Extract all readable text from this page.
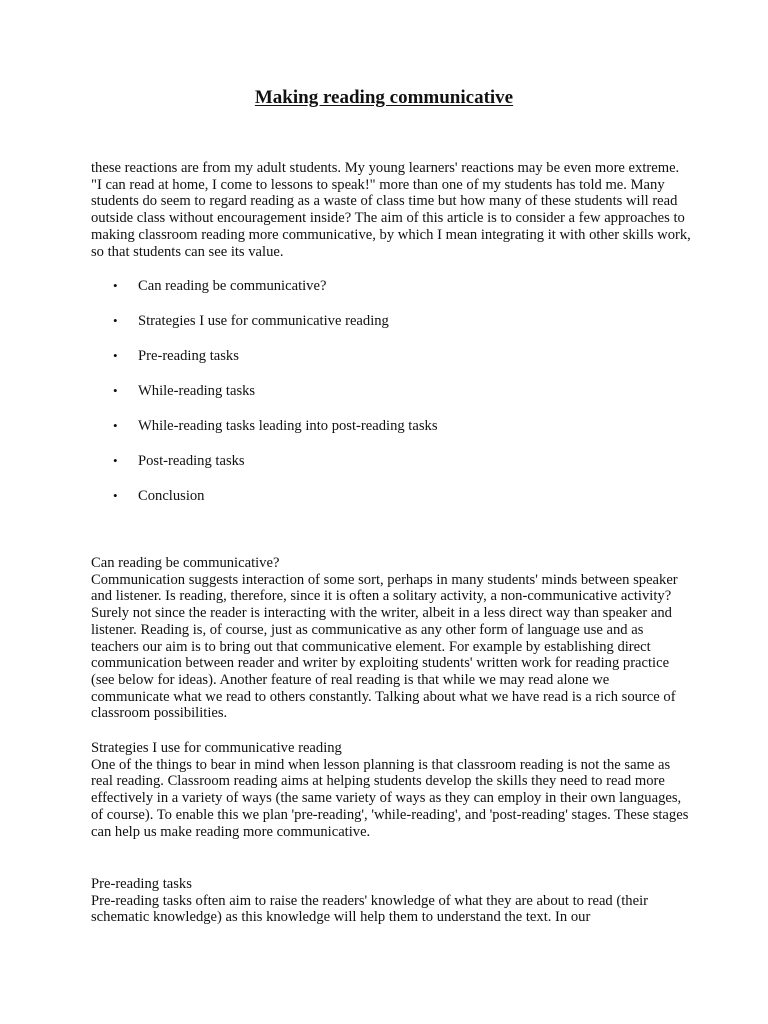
Making reading communicative

these reactions are from my adult students. My young learners' reactions may be even more extreme. "I can read at home, I come to lessons to speak!" more than one of my students has told me. Many students do seem to regard reading as a waste of class time but how many of these students will read outside class without encouragement inside? The aim of this article is to consider a few approaches to making classroom reading more communicative, by which I mean integrating it with other skills work, so that students can see its value.

•	Can reading be communicative?
•	Strategies I use for communicative reading
•	Pre-reading tasks
•	While-reading tasks
•	While-reading tasks leading into post-reading tasks
•	Post-reading tasks
•	Conclusion

Can reading be communicative?

Communication suggests interaction of some sort, perhaps in many students' minds between speaker and listener. Is reading, therefore, since it is often a solitary activity, a non-communicative activity? Surely not since the reader is interacting with the writer, albeit in a less direct way than speaker and listener. Reading is, of course, just as communicative as any other form of language use and as teachers our aim is to bring out that communicative element. For example by establishing direct communication between reader and writer by exploiting students' written work for reading practice (see below for ideas). Another feature of real reading is that while we may read alone we communicate what we read to others constantly. Talking about what we have read is a rich source of classroom possibilities.

Strategies I use for communicative reading

One of the things to bear in mind when lesson planning is that classroom reading is not the same as real reading. Classroom reading aims at helping students develop the skills they need to read more effectively in a variety of ways (the same variety of ways as they can employ in their own languages, of course). To enable this we plan 'pre-reading', 'while-reading', and 'post-reading' stages. These stages can help us make reading more communicative.

Pre-reading tasks

Pre-reading tasks often aim to raise the readers' knowledge of what they are about to read (their schematic knowledge) as this knowledge will help them to understand the text. In our
